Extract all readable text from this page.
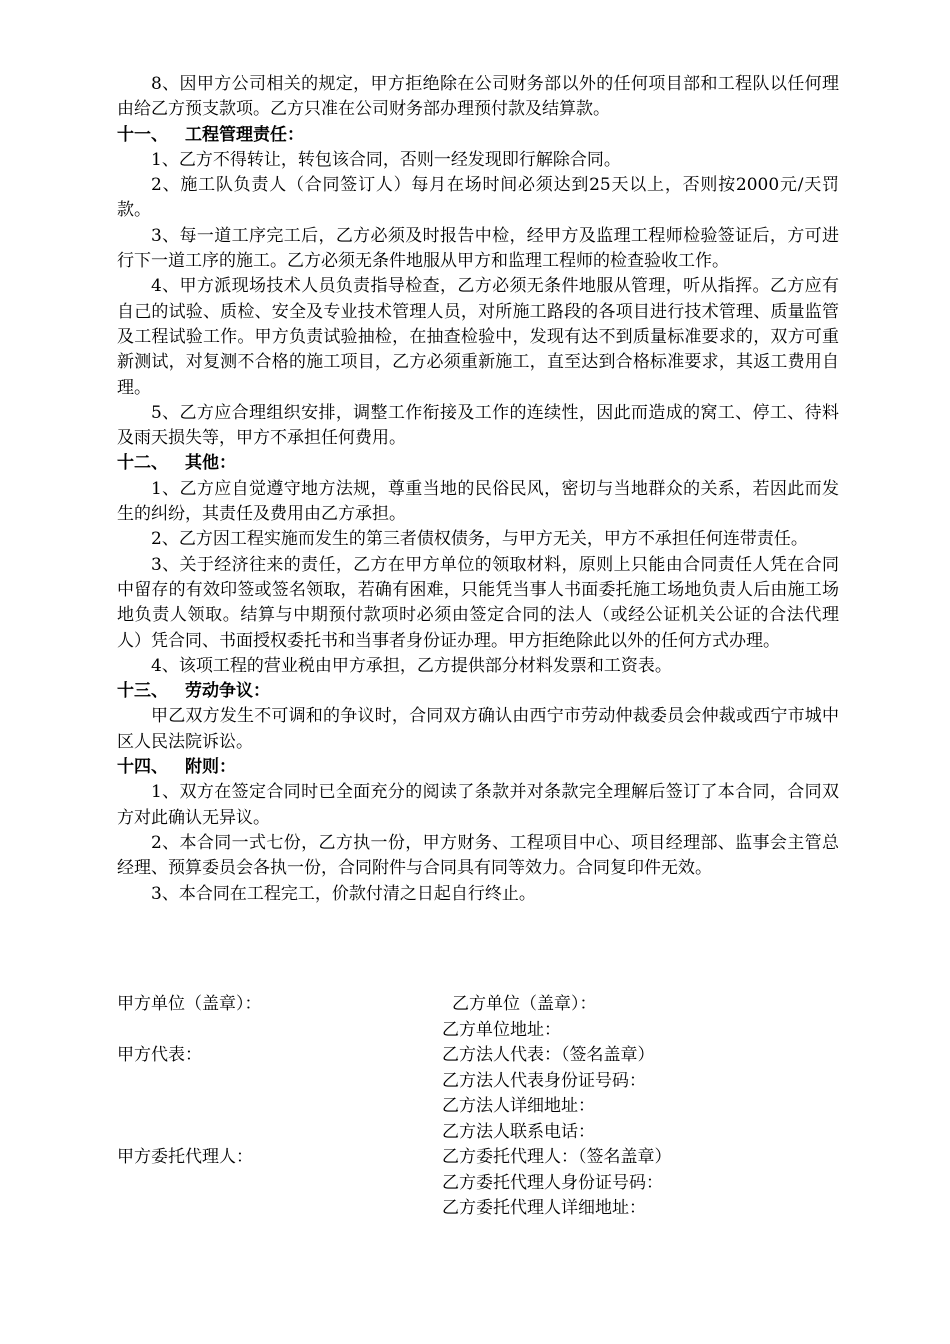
8、因甲方公司相关的规定，甲方拒绝除在公司财务部以外的任何项目部和工程队以任何理由给乙方预支款项。乙方只准在公司财务部办理预付款及结算款。

十一、 工程管理责任：

1、乙方不得转让，转包该合同，否则一经发现即行解除合同。

2、施工队负责人（合同签订人）每月在场时间必须达到25天以上，否则按2000元/天罚款。

3、每一道工序完工后，乙方必须及时报告中检，经甲方及监理工程师检验签证后，方可进行下一道工序的施工。乙方必须无条件地服从甲方和监理工程师的检查验收工作。

4、甲方派现场技术人员负责指导检查，乙方必须无条件地服从管理，听从指挥。乙方应有自己的试验、质检、安全及专业技术管理人员，对所施工路段的各项目进行技术管理、质量监管及工程试验工作。甲方负责试验抽检，在抽查检验中，发现有达不到质量标准要求的，双方可重新测试，对复测不合格的施工项目，乙方必须重新施工，直至达到合格标准要求，其返工费用自理。

5、乙方应合理组织安排，调整工作衔接及工作的连续性，因此而造成的窝工、停工、待料及雨天损失等，甲方不承担任何费用。

十二、 其他：

1、乙方应自觉遵守地方法规，尊重当地的民俗民风，密切与当地群众的关系，若因此而发生的纠纷，其责任及费用由乙方承担。

2、乙方因工程实施而发生的第三者债权债务，与甲方无关，甲方不承担任何连带责任。

3、关于经济往来的责任，乙方在甲方单位的领取材料，原则上只能由合同责任人凭在合同中留存的有效印签或签名领取，若确有困难，只能凭当事人书面委托施工场地负责人后由施工场地负责人领取。结算与中期预付款项时必须由签定合同的法人（或经公证机关公证的合法代理人）凭合同、书面授权委托书和当事者身份证办理。甲方拒绝除此以外的任何方式办理。

4、该项工程的营业税由甲方承担，乙方提供部分材料发票和工资表。

十三、 劳动争议：

甲乙双方发生不可调和的争议时，合同双方确认由西宁市劳动仲裁委员会仲裁或西宁市城中区人民法院诉讼。

十四、 附则：

1、双方在签定合同时已全面充分的阅读了条款并对条款完全理解后签订了本合同，合同双方对此确认无异议。

2、本合同一式七份，乙方执一份，甲方财务、工程项目中心、项目经理部、监事会主管总经理、预算委员会各执一份，合同附件与合同具有同等效力。合同复印件无效。

3、本合同在工程完工，价款付清之日起自行终止。

甲方单位（盖章）：	乙方单位（盖章）：
乙方单位地址：
甲方代表：	乙方法人代表：（签名盖章）
乙方法人代表身份证号码：
乙方法人详细地址：
乙方法人联系电话：
甲方委托代理人：	乙方委托代理人：（签名盖章）
乙方委托代理人身份证号码：
乙方委托代理人详细地址：
